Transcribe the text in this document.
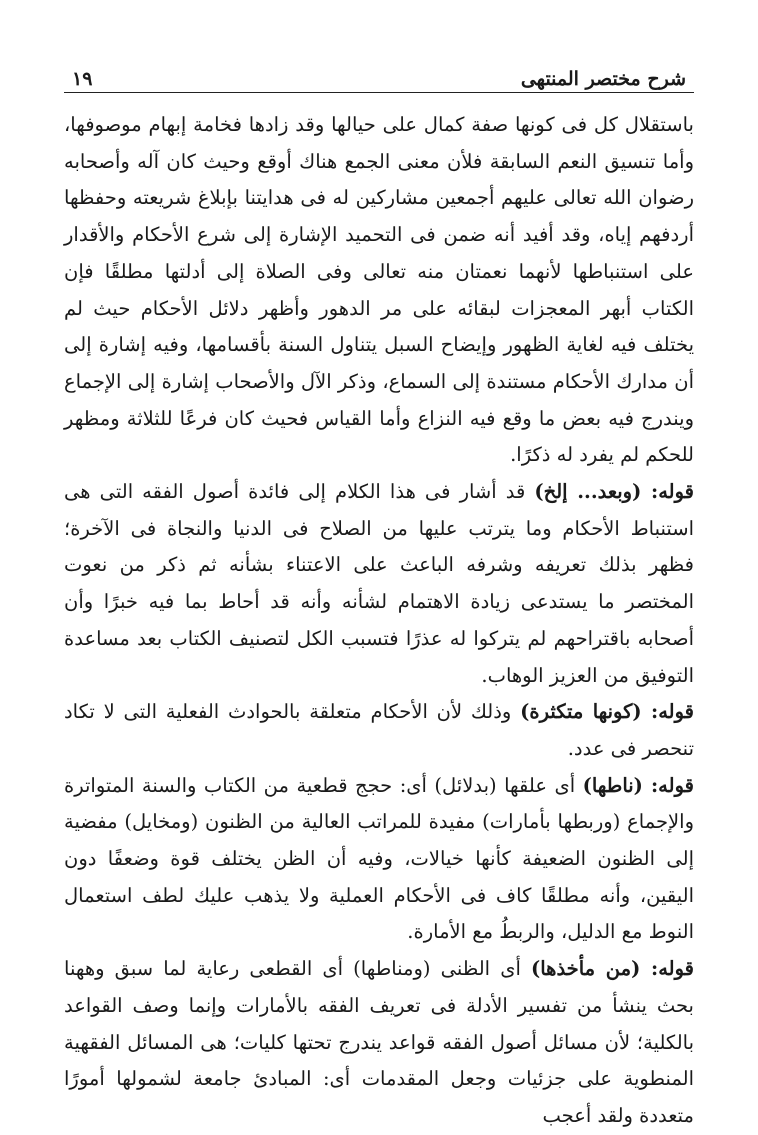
شرح مختصر المنتهى
١٩

باستقلال كل فى كونها صفة كمال على حيالها وقد زادها فخامة إبهام موصوفها، وأما تنسيق النعم السابقة فلأن معنى الجمع هناك أوقع وحيث كان آله وأصحابه رضوان الله تعالى عليهم أجمعين مشاركين له فى هدايتنا بإبلاغ شريعته وحفظها أردفهم إياه، وقد أفيد أنه ضمن فى التحميد الإشارة إلى شرع الأحكام والأقدار على استنباطها لأنهما نعمتان منه تعالى وفى الصلاة إلى أدلتها مطلقًا فإن الكتاب أبهر المعجزات لبقائه على مر الدهور وأظهر دلائل الأحكام حيث لم يختلف فيه لغاية الظهور وإيضاح السبل يتناول السنة بأقسامها، وفيه إشارة إلى أن مدارك الأحكام مستندة إلى السماع، وذكر الآل والأصحاب إشارة إلى الإجماع ويندرج فيه بعض ما وقع فيه النزاع وأما القياس فحيث كان فرعًا للثلاثة ومظهر للحكم لم يفرد له ذكرًا.

قوله: (وبعد... إلخ) قد أشار فى هذا الكلام إلى فائدة أصول الفقه التى هى استنباط الأحكام وما يترتب عليها من الصلاح فى الدنيا والنجاة فى الآخرة؛ فظهر بذلك تعريفه وشرفه الباعث على الاعتناء بشأنه ثم ذكر من نعوت المختصر ما يستدعى زيادة الاهتمام لشأنه وأنه قد أحاط بما فيه خبرًا وأن أصحابه باقتراحهم لم يتركوا له عذرًا فتسبب الكل لتصنيف الكتاب بعد مساعدة التوفيق من العزيز الوهاب.

قوله: (كونها متكثرة) وذلك لأن الأحكام متعلقة بالحوادث الفعلية التى لا تكاد تنحصر فى عدد.

قوله: (ناطها) أى علقها (بدلائل) أى: حجج قطعية من الكتاب والسنة المتواترة والإجماع (وربطها بأمارات) مفيدة للمراتب العالية من الظنون (ومخايل) مفضية إلى الظنون الضعيفة كأنها خيالات، وفيه أن الظن يختلف قوة وضعفًا دون اليقين، وأنه مطلقًا كاف فى الأحكام العملية ولا يذهب عليك لطف استعمال النوط مع الدليل، والربطُ مع الأمارة.

قوله: (من مأخذها) أى الظنى (ومناطها) أى القطعى رعاية لما سبق وههنا بحث ينشأ من تفسير الأدلة فى تعريف الفقه بالأمارات وإنما وصف القواعد بالكلية؛ لأن مسائل أصول الفقه قواعد يندرج تحتها كليات؛ هى المسائل الفقهية المنطوية على جزئيات وجعل المقدمات أى: المبادئ جامعة لشمولها أمورًا متعددة ولقد أعجب
